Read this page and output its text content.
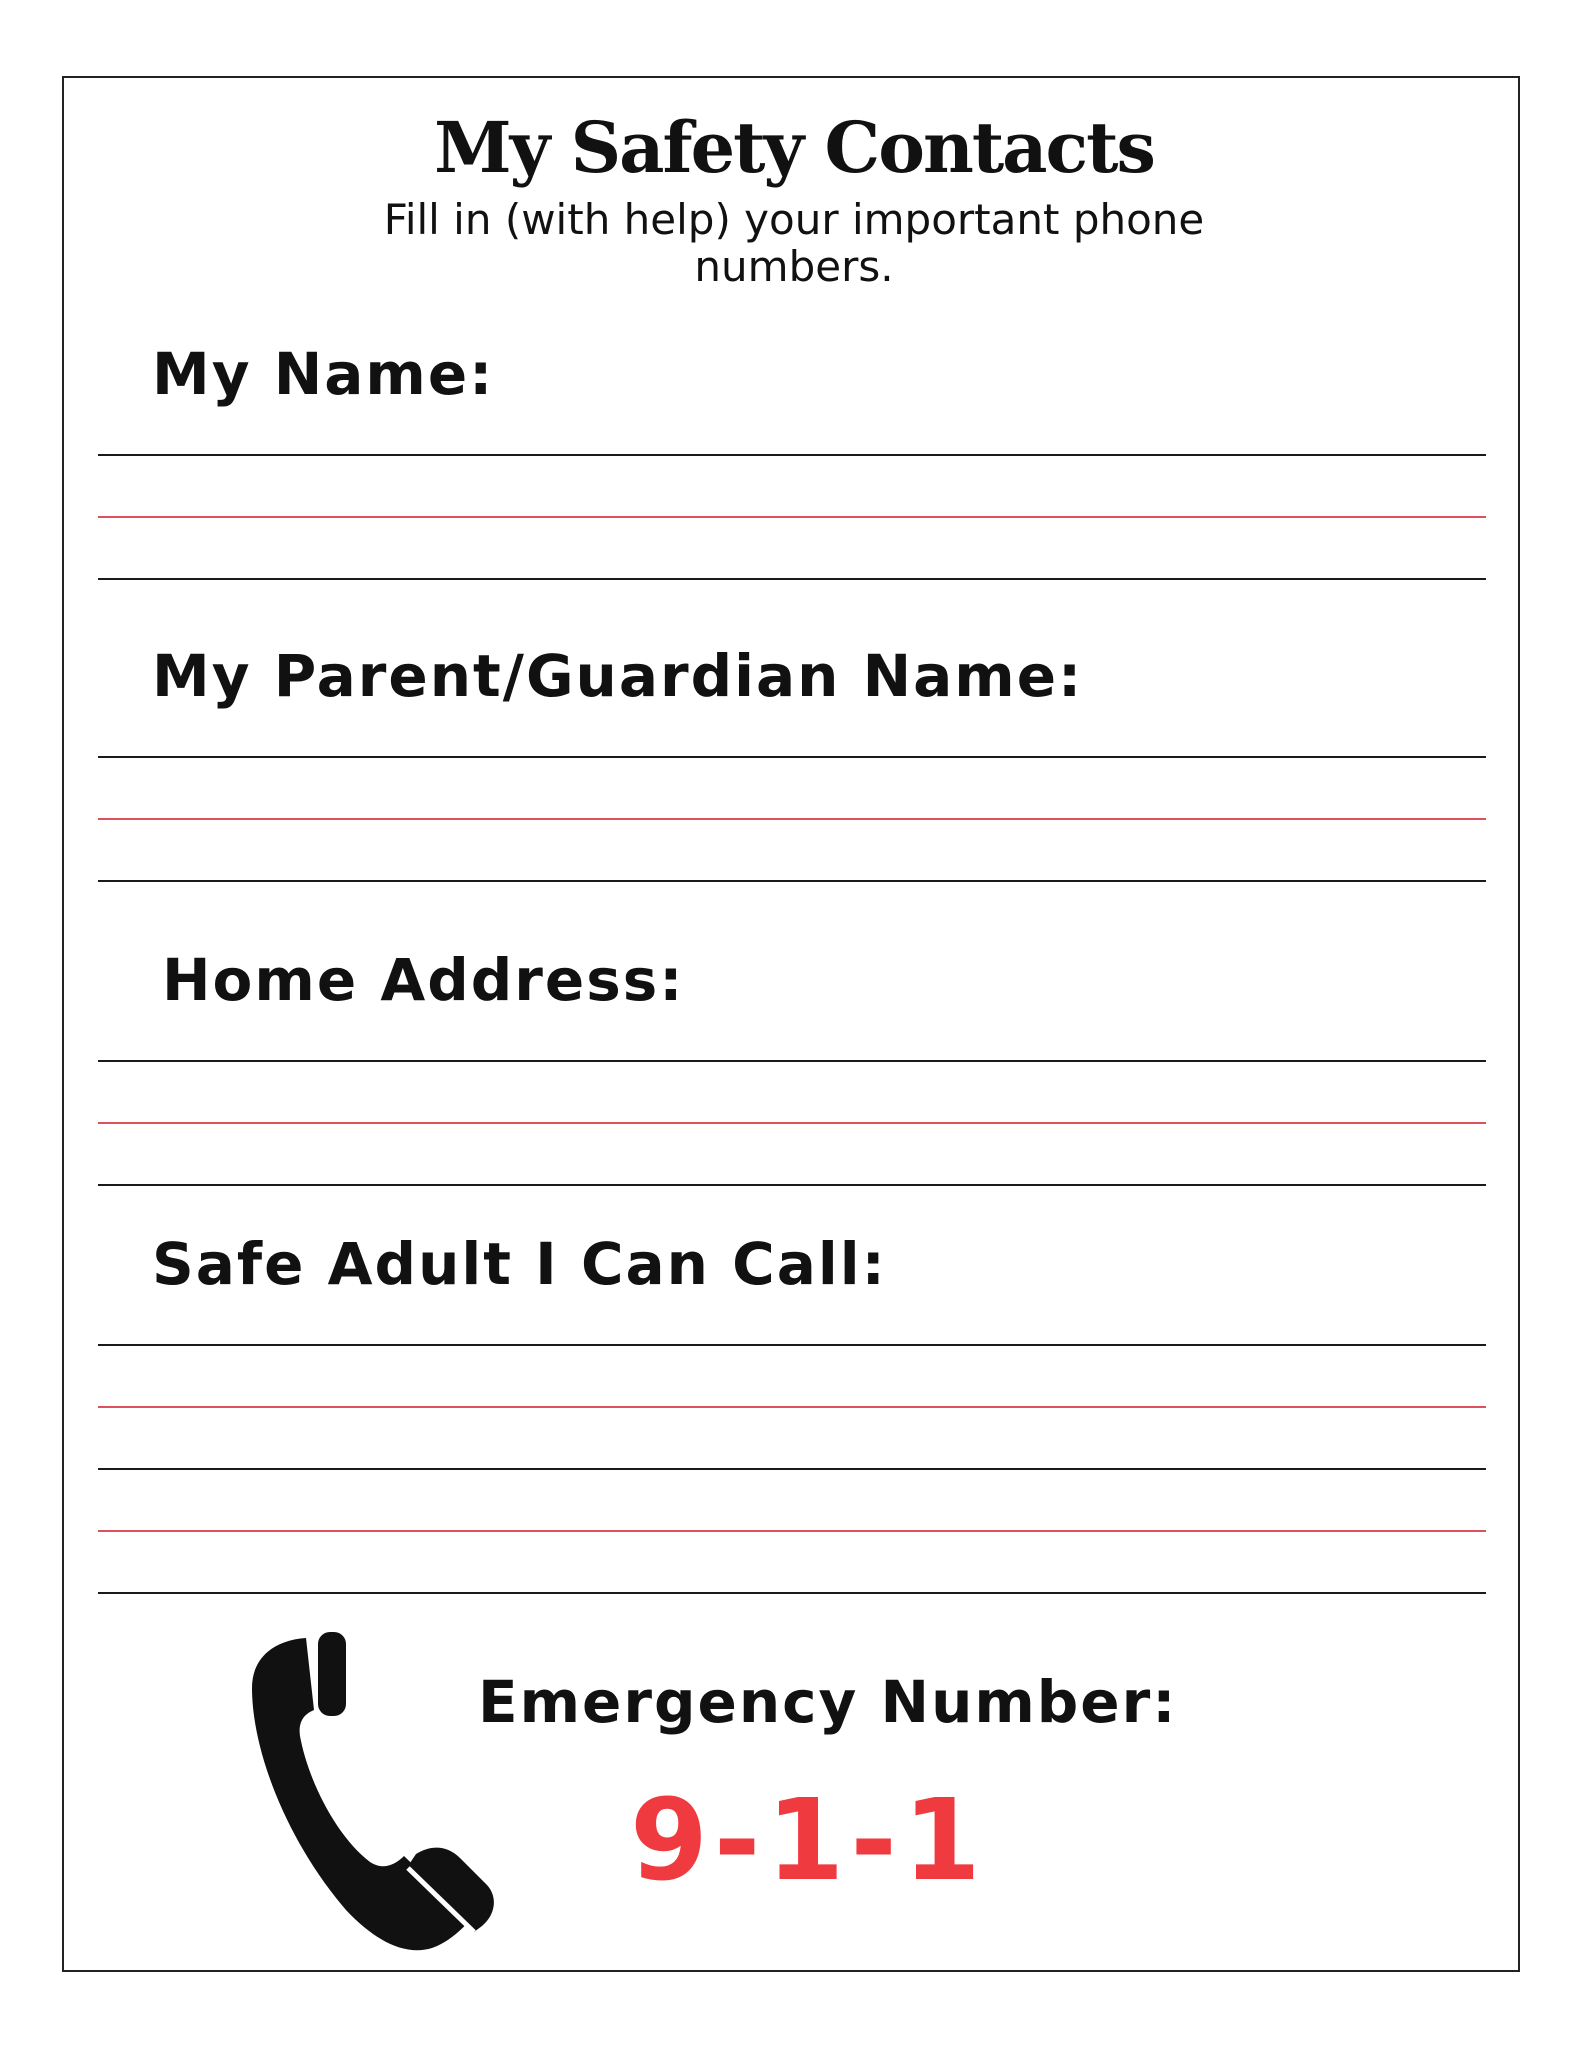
My Safety Contacts

Fill in (with help) your important phone numbers.

My Name:
My Parent/Guardian Name:
Home Address:
Safe Adult I Can Call:
Emergency Number:
9-1-1
